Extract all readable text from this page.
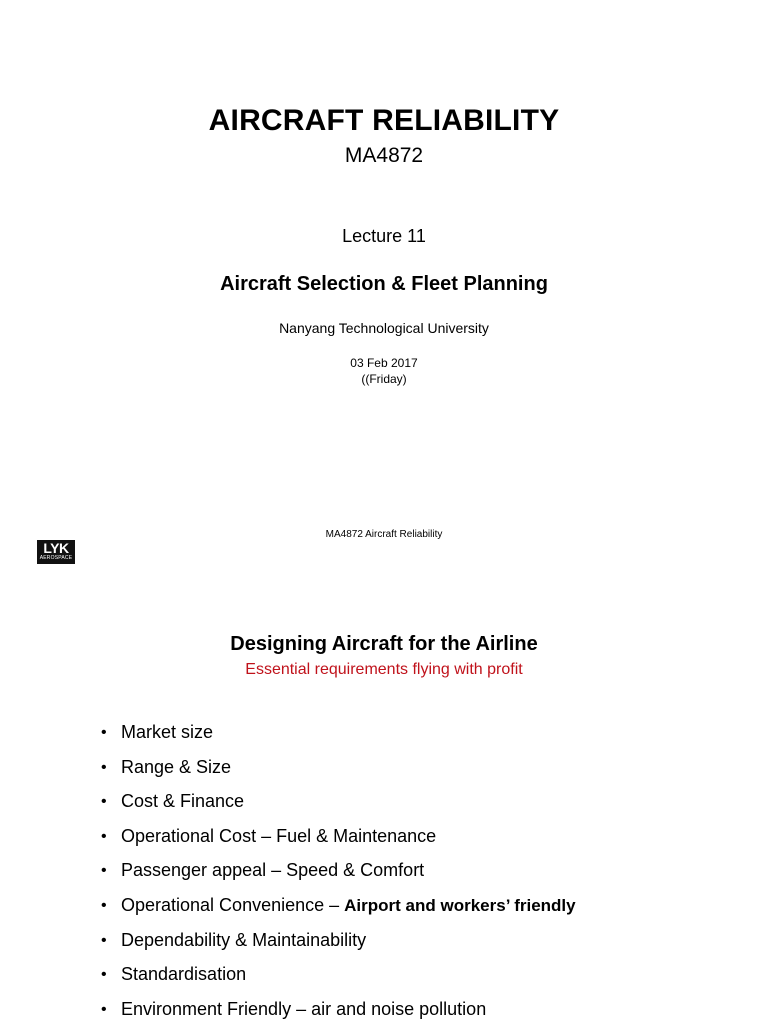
AIRCRAFT RELIABILITY
MA4872
Lecture 11
Aircraft Selection & Fleet Planning
Nanyang Technological University
03 Feb 2017
((Friday)
MA4872 Aircraft Reliability
LYK
AEROSPACE
Designing Aircraft for the Airline
Essential requirements flying with profit
• Market size
• Range & Size
• Cost & Finance
• Operational Cost – Fuel & Maintenance
• Passenger appeal – Speed & Comfort
• Operational Convenience – Airport and workers’ friendly
• Dependability & Maintainability
• Standardisation
• Environment Friendly – air and noise pollution
